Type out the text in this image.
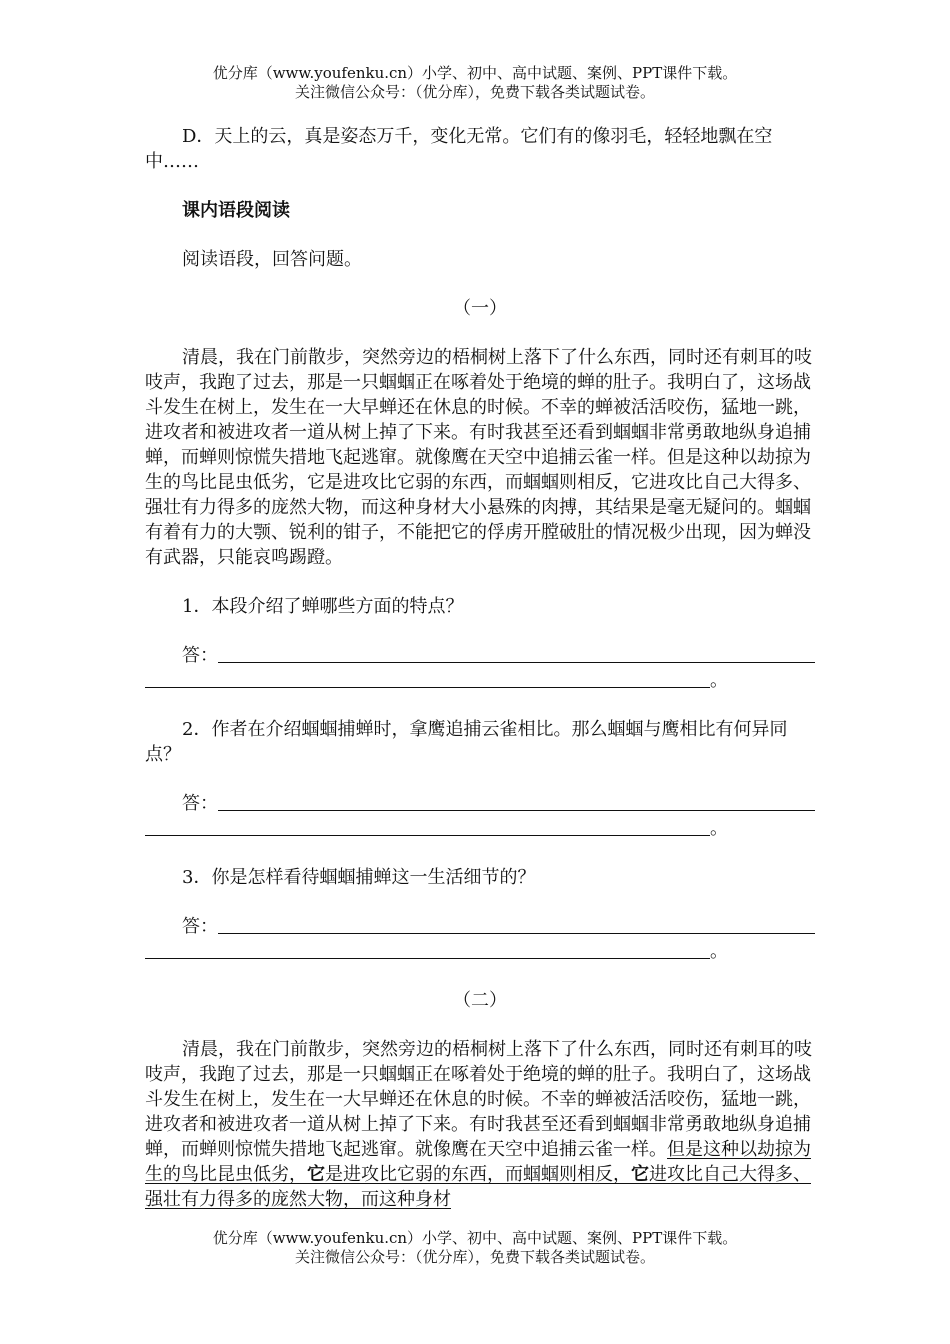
优分库（www.youfenku.cn）小学、初中、高中试题、案例、PPT课件下载。
关注微信公众号：（优分库），免费下载各类试题试卷。

D．天上的云，真是姿态万千，变化无常。它们有的像羽毛，轻轻地飘在空中……

课内语段阅读

阅读语段，回答问题。

（一）

清晨，我在门前散步，突然旁边的梧桐树上落下了什么东西，同时还有刺耳的吱吱声，我跑了过去，那是一只蝈蝈正在啄着处于绝境的蝉的肚子。我明白了，这场战斗发生在树上，发生在一大早蝉还在休息的时候。不幸的蝉被活活咬伤，猛地一跳，进攻者和被进攻者一道从树上掉了下来。有时我甚至还看到蝈蝈非常勇敢地纵身追捕蝉，而蝉则惊慌失措地飞起逃窜。就像鹰在天空中追捕云雀一样。但是这种以劫掠为生的鸟比昆虫低劣，它是进攻比它弱的东西，而蝈蝈则相反，它进攻比自己大得多、强壮有力得多的庞然大物，而这种身材大小悬殊的肉搏，其结果是毫无疑问的。蝈蝈有着有力的大颚、锐利的钳子，不能把它的俘虏开膛破肚的情况极少出现，因为蝉没有武器，只能哀鸣踢蹬。

1．本段介绍了蝉哪些方面的特点？

答：
。

2．作者在介绍蝈蝈捕蝉时，拿鹰追捕云雀相比。那么蝈蝈与鹰相比有何异同点？

答：
。

3．你是怎样看待蝈蝈捕蝉这一生活细节的？

答：
。

（二）

清晨，我在门前散步，突然旁边的梧桐树上落下了什么东西，同时还有刺耳的吱吱声，我跑了过去，那是一只蝈蝈正在啄着处于绝境的蝉的肚子。我明白了，这场战斗发生在树上，发生在一大早蝉还在休息的时候。不幸的蝉被活活咬伤，猛地一跳，进攻者和被进攻者一道从树上掉了下来。有时我甚至还看到蝈蝈非常勇敢地纵身追捕蝉，而蝉则惊慌失措地飞起逃窜。就像鹰在天空中追捕云雀一样。但是这种以劫掠为生的鸟比昆虫低劣，它是进攻比它弱的东西，而蝈蝈则相反，它进攻比自己大得多、强壮有力得多的庞然大物，而这种身材

优分库（www.youfenku.cn）小学、初中、高中试题、案例、PPT课件下载。
关注微信公众号：（优分库），免费下载各类试题试卷。
